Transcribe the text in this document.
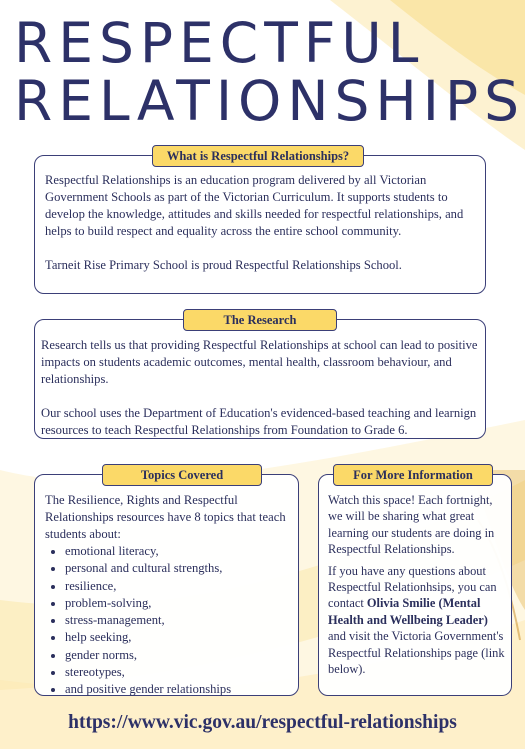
RESPECTFUL
RELATIONSHIPS
What is Respectful Relationships?

Respectful Relationships is an education program delivered by all Victorian Government Schools as part of the Victorian Curriculum. It supports students to develop the knowledge, attitudes and skills needed for respectful relationships, and helps to build respect and equality across the entire school community.

Tarneit Rise Primary School is proud Respectful Relationships School.

The Research

Research tells us that providing Respectful Relationships at school can lead to positive impacts on students academic outcomes, mental health, classroom behaviour, and relationships.

Our school uses the Department of Education's evidenced-based teaching and learnign resources to teach Respectful Relationships from Foundation to Grade 6.

Topics Covered

The Resilience, Rights and Respectful Relationships resources have 8 topics that teach students about:

• emotional literacy,
• personal and cultural strengths,
• resilience,
• problem-solving,
• stress-management,
• help seeking,
• gender norms,
• stereotypes,
• and positive gender relationships
For More Information

Watch this space! Each fortnight, we will be sharing what great learning our students are doing in Respectful Relationships.

If you have any questions about Respectful Relationhsips, you can contact Olivia Smilie (Mental Health and Wellbeing Leader) and visit the Victoria Government's Respectful Relationships page (link below).

https://www.vic.gov.au/respectful-relationships
